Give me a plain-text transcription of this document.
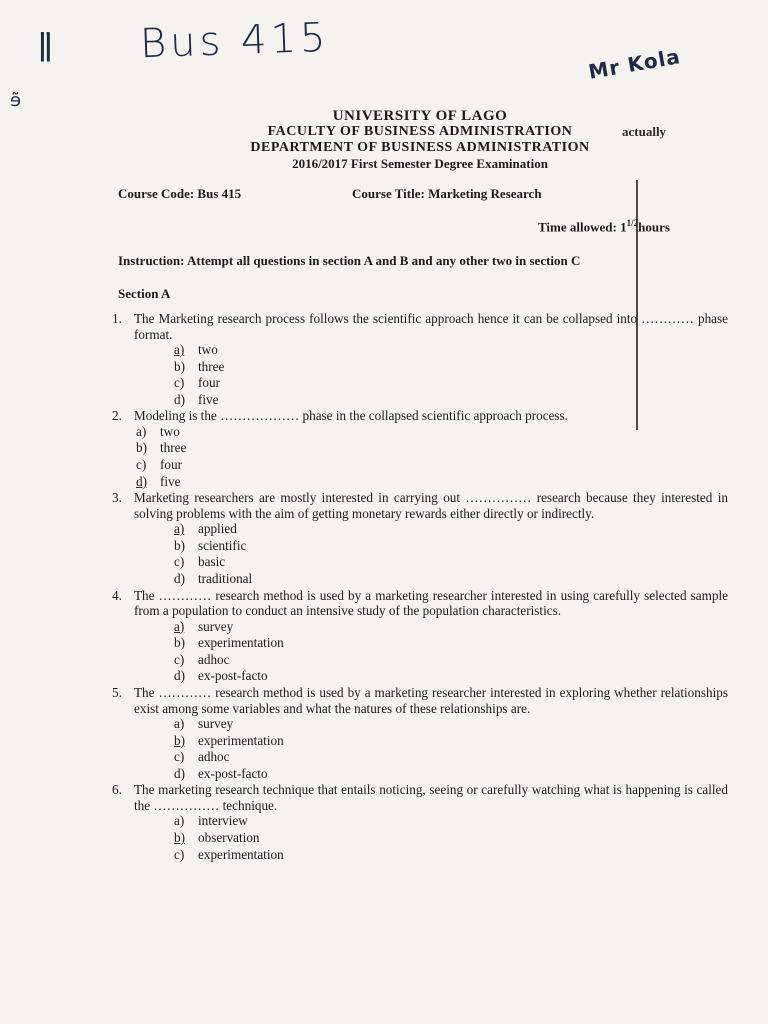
ǁ̈
ɘ̃
Bus 415	Mr Kola
actually
UNIVERSITY OF LAGO
FACULTY OF BUSINESS ADMINISTRATION
DEPARTMENT OF BUSINESS ADMINISTRATION
2016/2017 First Semester Degree Examination
Course Code: Bus 415	Course Title: Marketing Research
Time allowed: $1^{1/2}hours$
Instruction: Attempt all questions in section A and B and any other two in section C
Section A
1. The Marketing research process follows the scientific approach hence it can be collapsed into ………… phase format.
a) two
b) three
c) four
d) five
2. Modeling is the ……………… phase in the collapsed scientific approach process.
a) two
b) three
c) four
d) five
3. Marketing researchers are mostly interested in carrying out …………… research because they interested in solving problems with the aim of getting monetary rewards either directly or indirectly.
a) applied
b) scientific
c) basic
d) traditional
4. The ………… research method is used by a marketing researcher interested in using carefully selected sample from a population to conduct an intensive study of the population characteristics.
a) survey
b) experimentation
c) adhoc
d) ex-post-facto
5. The ………… research method is used by a marketing researcher interested in exploring whether relationships exist among some variables and what the natures of these relationships are.
a) survey
b) experimentation
c) adhoc
d) ex-post-facto
6. The marketing research technique that entails noticing, seeing or carefully watching what is happening is called the …………… technique.
a) interview
b) observation
c) experimentation
